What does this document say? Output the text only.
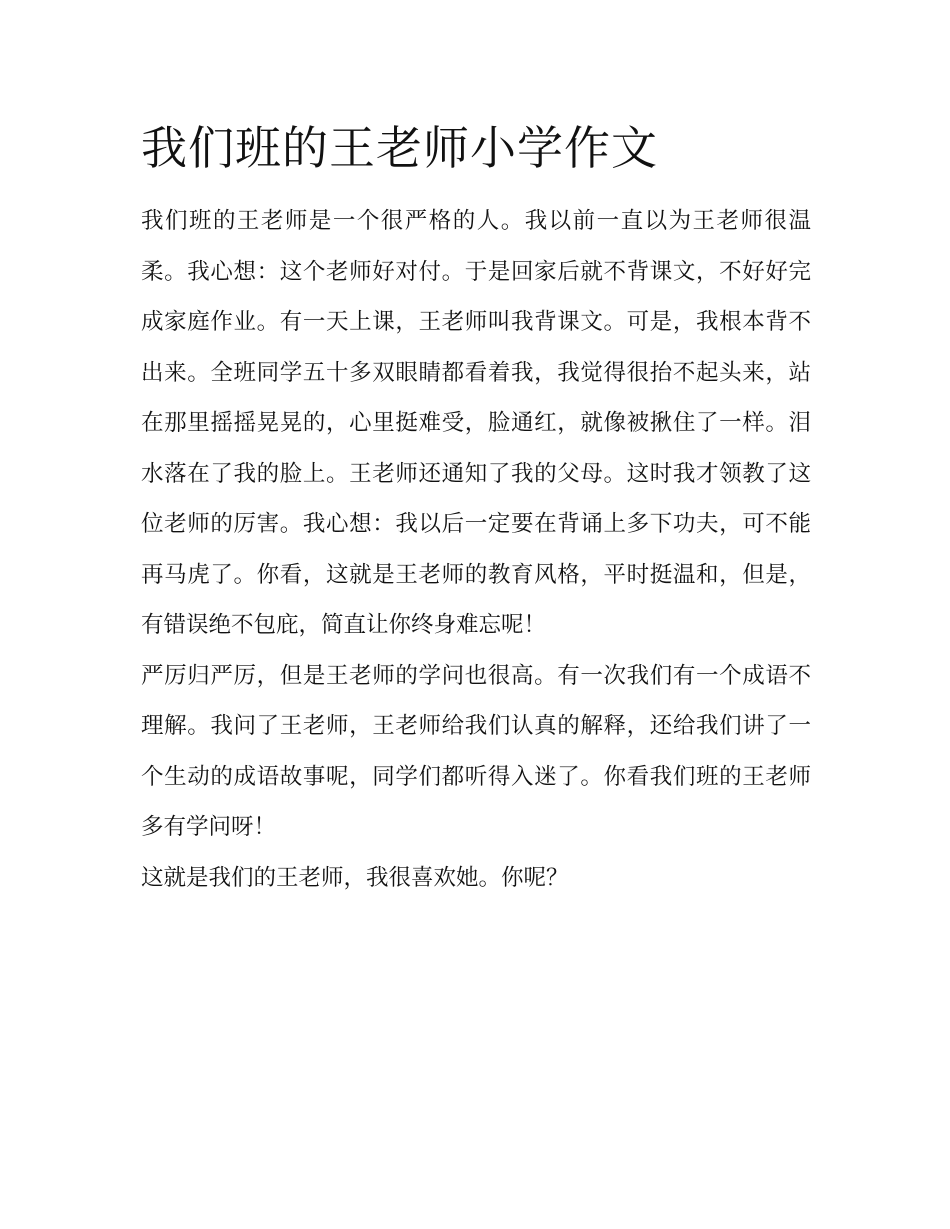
我们班的王老师小学作文

我们班的王老师是一个很严格的人。我以前一直以为王老师很温柔。我心想：这个老师好对付。于是回家后就不背课文，不好好完成家庭作业。有一天上课，王老师叫我背课文。可是，我根本背不出来。全班同学五十多双眼睛都看着我，我觉得很抬不起头来，站在那里摇摇晃晃的，心里挺难受，脸通红，就像被揪住了一样。泪水落在了我的脸上。王老师还通知了我的父母。这时我才领教了这位老师的厉害。我心想：我以后一定要在背诵上多下功夫，可不能再马虎了。你看，这就是王老师的教育风格，平时挺温和，但是，有错误绝不包庇，简直让你终身难忘呢！

严厉归严厉，但是王老师的学问也很高。有一次我们有一个成语不理解。我问了王老师，王老师给我们认真的解释，还给我们讲了一个生动的成语故事呢，同学们都听得入迷了。你看我们班的王老师多有学问呀！

这就是我们的王老师，我很喜欢她。你呢？
